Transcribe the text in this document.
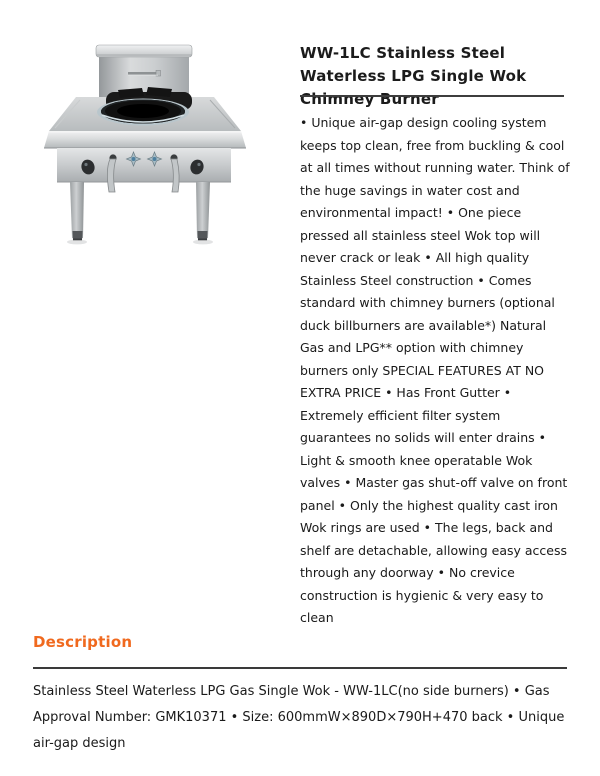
WW-1LC Stainless Steel Waterless LPG Single Wok Chimney Burner

• Unique air-gap design cooling system keeps top clean, free from buckling & cool at all times without running water. Think of the huge savings in water cost and environmental impact! • One piece pressed all stainless steel Wok top will never crack or leak • All high quality Stainless Steel construction • Comes standard with chimney burners (optional duck billburners are available*) Natural Gas and LPG** option with chimney burners only SPECIAL FEATURES AT NO EXTRA PRICE • Has Front Gutter • Extremely efficient filter system guarantees no solids will enter drains • Light & smooth knee operatable Wok valves • Master gas shut-off valve on front panel • Only the highest quality cast iron Wok rings are used • The legs, back and shelf are detachable, allowing easy access through any doorway • No crevice construction is hygienic & very easy to clean

Description

Stainless Steel Waterless LPG Gas Single Wok - WW-1LC(no side burners) • Gas Approval Number: GMK10371 • Size: 600mmW×890D×790H+470 back • Unique air-gap design
